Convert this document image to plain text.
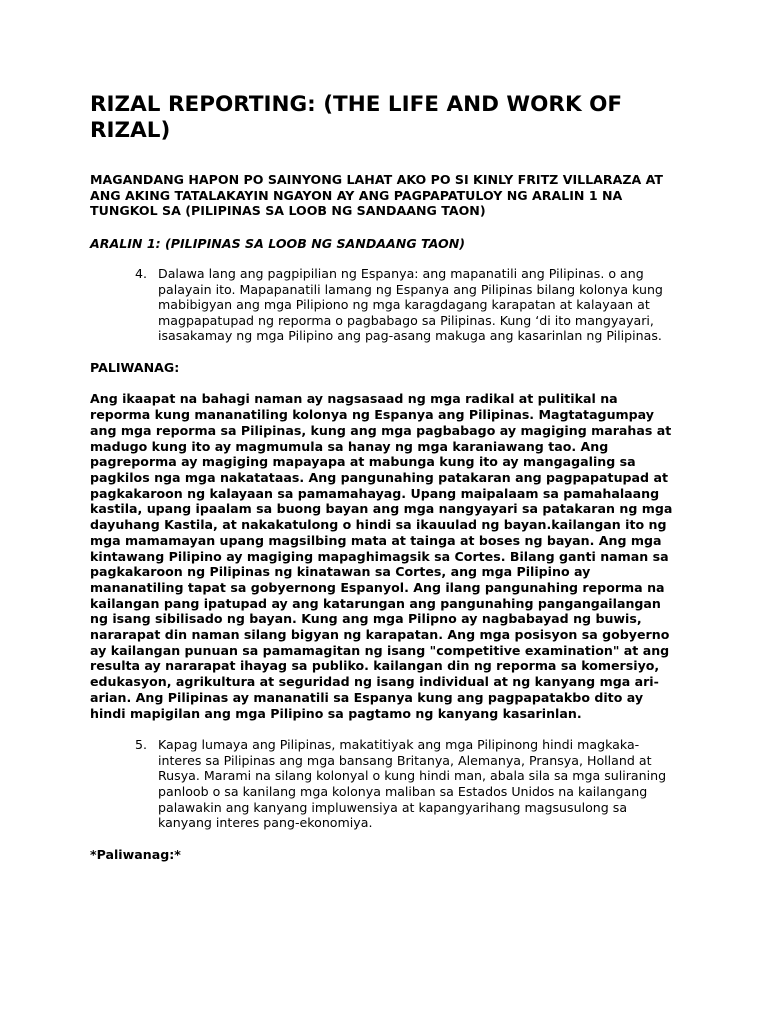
RIZAL REPORTING: (THE LIFE AND WORK OF RIZAL)
MAGANDANG HAPON PO SAINYONG LAHAT AKO PO SI KINLY FRITZ VILLARAZA AT ANG AKING TATALAKAYIN NGAYON AY ANG PAGPAPATULOY NG ARALIN 1 NA TUNGKOL SA (PILIPINAS SA LOOB NG SANDAANG TAON)
ARALIN 1: (PILIPINAS SA LOOB NG SANDAANG TAON)
4. Dalawa lang ang pagpipilian ng Espanya: ang mapanatili ang Pilipinas. o ang palayain ito. Mapapanatili lamang ng Espanya ang Pilipinas bilang kolonya kung mabibigyan ang mga Pilipiono ng mga karagdagang karapatan at kalayaan at magpapatupad ng reporma o pagbabago sa Pilipinas. Kung ‘di ito mangyayari, isasakamay ng mga Pilipino ang pag-asang makuga ang kasarinlan ng Pilipinas.
PALIWANAG:
Ang ikaapat na bahagi naman ay nagsasaad ng mga radikal at pulitikal na reporma kung mananatiling kolonya ng Espanya ang Pilipinas. Magtatagumpay ang mga reporma sa Pilipinas, kung ang mga pagbabago ay magiging marahas at madugo kung ito ay magmumula sa hanay ng mga karaniawang tao. Ang pagreporma ay magiging mapayapa at mabunga kung ito ay mangagaling sa pagkilos nga mga nakatataas. Ang pangunahing patakaran ang pagpapatupad at pagkakaroon ng kalayaan sa pamamahayag. Upang maipalaam sa pamahalaang kastila, upang ipaalam sa buong bayan ang mga nangyayari sa patakaran ng mga dayuhang Kastila, at nakakatulong o hindi sa ikauulad ng bayan.kailangan ito ng mga mamamayan upang magsilbing mata at tainga at boses ng bayan. Ang mga kintawang Pilipino ay magiging mapaghimagsik sa Cortes. Bilang ganti naman sa pagkakaroon ng Pilipinas ng kinatawan sa Cortes, ang mga Pilipino ay mananatiling tapat sa gobyernong Espanyol. Ang ilang pangunahing reporma na kailangan pang ipatupad ay ang katarungan ang pangunahing pangangailangan ng isang sibilisado ng bayan. Kung ang mga Pilipno ay nagbabayad ng buwis, nararapat din naman silang bigyan ng karapatan. Ang mga posisyon sa gobyerno ay kailangan punuan sa pamamagitan ng isang "competitive examination" at ang resulta ay nararapat ihayag sa publiko. kailangan din ng reporma sa komersiyo, edukasyon, agrikultura at seguridad ng isang individual at ng kanyang mga ari-arian. Ang Pilipinas ay mananatili sa Espanya kung ang pagpapatakbo dito ay hindi mapigilan ang mga Pilipino sa pagtamo ng kanyang kasarinlan.
5. Kapag lumaya ang Pilipinas, makatitiyak ang mga Pilipinong hindi magkaka-interes sa Pilipinas ang mga bansang Britanya, Alemanya, Pransya, Holland at Rusya. Marami na silang kolonyal o kung hindi man, abala sila sa mga suliraning panloob o sa kanilang mga kolonya maliban sa Estados Unidos na kailangang palawakin ang kanyang impluwensiya at kapangyarihang magsusulong sa kanyang interes pang-ekonomiya.
*Paliwanag:*
